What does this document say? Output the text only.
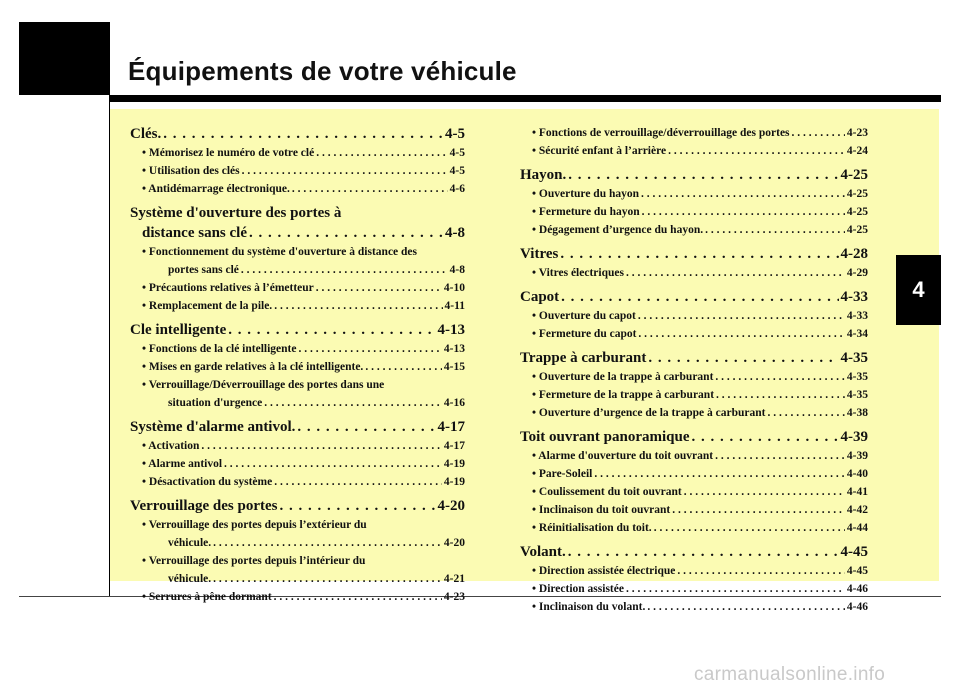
Équipements de votre véhicule
4
Clés. . . .	4-5
• Mémorisez le numéro de votre clé . . .	4-5
• Utilisation des clés . . .	4-5
• Antidémarrage électronique. . . .	4-6
Système d'ouverture des portes à
distance sans clé . . .	4-8
• Fonctionnement du système d'ouverture à distance des
portes sans clé . . .	4-8
• Précautions relatives à l’émetteur . . .	4-10
• Remplacement de la pile. . . .	4-11
Cle intelligente . . .	4-13
• Fonctions de la clé intelligente . . .	4-13
• Mises en garde relatives à la clé intelligente. . . .	4-15
• Verrouillage/Déverrouillage des portes dans une
situation d'urgence . . .	4-16
Système d'alarme antivol. . . .	4-17
• Activation . . .	4-17
• Alarme antivol . . .	4-19
• Désactivation du système . . .	4-19
Verrouillage des portes . . .	4-20
• Verrouillage des portes depuis l’extérieur du
véhicule. . . .	4-20
• Verrouillage des portes depuis l’intérieur du
véhicule. . . .	4-21
• Serrures à pêne dormant . . .	4-23
• Fonctions de verrouillage/déverrouillage des portes . . .	4-23
• Sécurité enfant à l’arrière . . .	4-24
Hayon. . . .	4-25
• Ouverture du hayon . . .	4-25
• Fermeture du hayon . . .	4-25
• Dégagement d’urgence du hayon. . . .	4-25
Vitres . . .	4-28
• Vitres électriques . . .	4-29
Capot . . .	4-33
• Ouverture du capot . . .	4-33
• Fermeture du capot . . .	4-34
Trappe à carburant . . .	4-35
• Ouverture de la trappe à carburant . . .	4-35
• Fermeture de la trappe à carburant . . .	4-35
• Ouverture d’urgence de la trappe à carburant . . .	4-38
Toit ouvrant panoramique . . .	4-39
• Alarme d'ouverture du toit ouvrant . . .	4-39
• Pare-Soleil . . .	4-40
• Coulissement du toit ouvrant . . .	4-41
• Inclinaison du toit ouvrant . . .	4-42
• Réinitialisation du toit. . . .	4-44
Volant. . . .	4-45
• Direction assistée électrique . . .	4-45
• Direction assistée . . .	4-46
• Inclinaison du volant. . . .	4-46
carmanualsonline.info
